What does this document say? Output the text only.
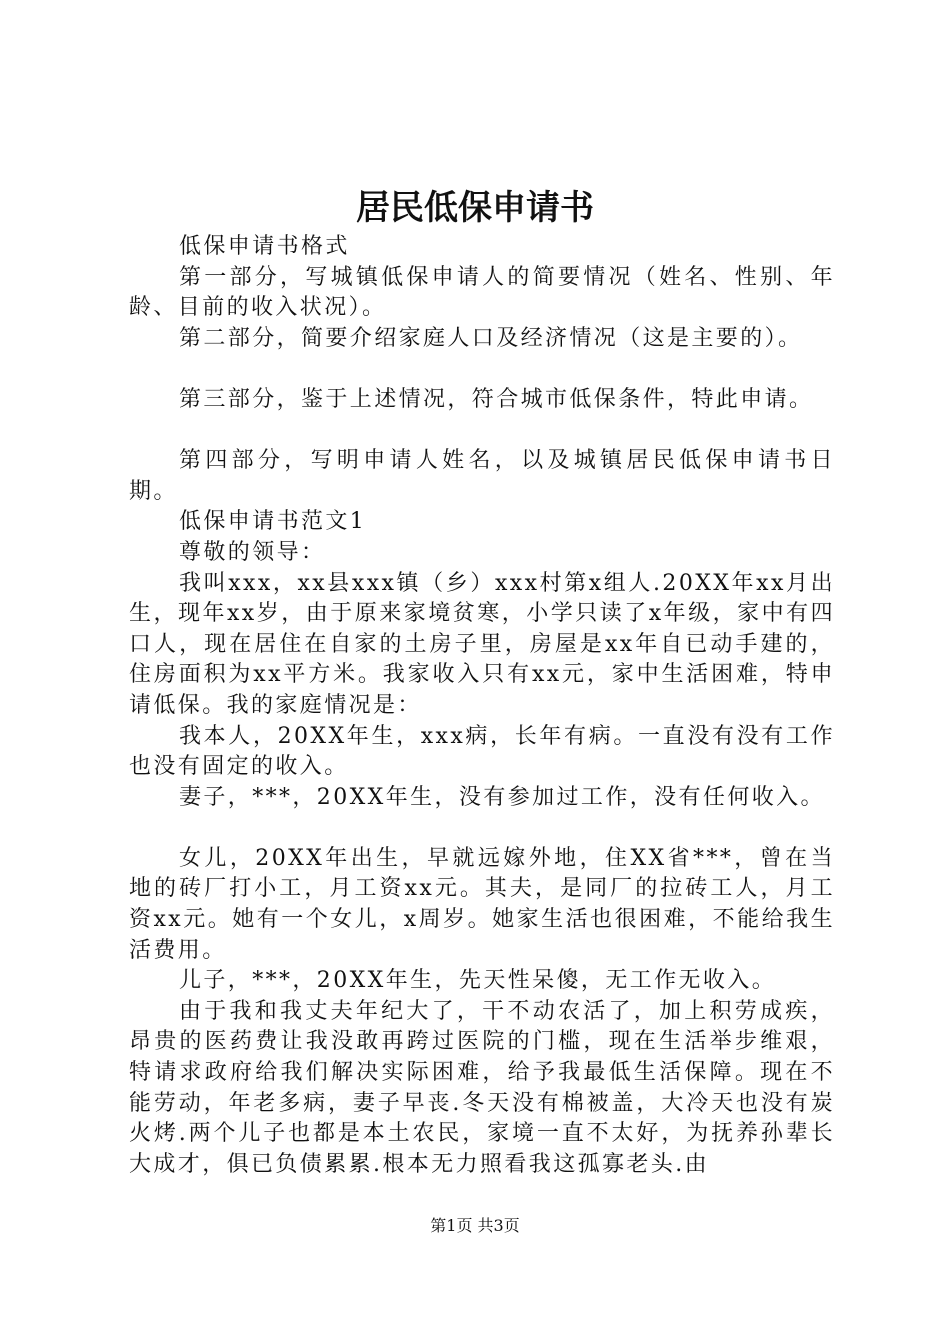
居民低保申请书

低保申请书格式

第一部分，写城镇低保申请人的简要情况（姓名、性别、年龄、目前的收入状况）。

第二部分，简要介绍家庭人口及经济情况（这是主要的）。

第三部分，鉴于上述情况，符合城市低保条件，特此申请。

第四部分，写明申请人姓名，以及城镇居民低保申请书日期。

低保申请书范文1

尊敬的领导：

我叫xxx，xx县xxx镇（乡）xxx村第x组人.20XX年xx月出生，现年xx岁，由于原来家境贫寒，小学只读了x年级，家中有四口人，现在居住在自家的土房子里，房屋是xx年自已动手建的，住房面积为xx平方米。我家收入只有xx元，家中生活困难，特申请低保。我的家庭情况是：

我本人，20XX年生，xxx病，长年有病。一直没有没有工作也没有固定的收入。

妻子，***，20XX年生，没有参加过工作，没有任何收入。

女儿，20XX年出生，早就远嫁外地，住XX省***，曾在当地的砖厂打小工，月工资xx元。其夫，是同厂的拉砖工人，月工资xx元。她有一个女儿，x周岁。她家生活也很困难，不能给我生活费用。

儿子，***，20XX年生，先天性呆傻，无工作无收入。

由于我和我丈夫年纪大了，干不动农活了，加上积劳成疾，昂贵的医药费让我没敢再跨过医院的门槛，现在生活举步维艰，特请求政府给我们解决实际困难，给予我最低生活保障。现在不能劳动，年老多病，妻子早丧.冬天没有棉被盖，大冷天也没有炭火烤.两个儿子也都是本土农民，家境一直不太好，为抚养孙辈长大成才，俱已负债累累.根本无力照看我这孤寡老头.由

第1页 共3页
